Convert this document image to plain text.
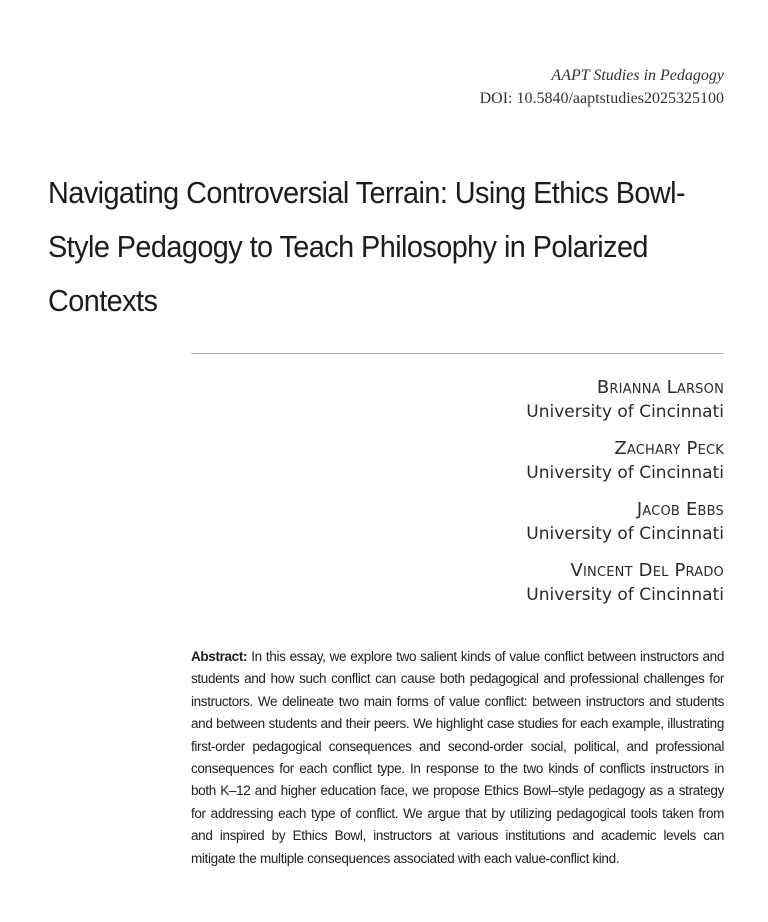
AAPT Studies in Pedagogy
DOI: 10.5840/aaptstudies2025325100
Navigating Controversial Terrain: Using Ethics Bowl-Style Pedagogy to Teach Philosophy in Polarized Contexts
Brianna Larson
University of Cincinnati
Zachary Peck
University of Cincinnati
Jacob Ebbs
University of Cincinnati
Vincent Del Prado
University of Cincinnati

Abstract: In this essay, we explore two salient kinds of value conflict between instructors and students and how such conflict can cause both pedagogical and professional challenges for instructors. We delineate two main forms of value conflict: between instructors and students and between students and their peers. We highlight case studies for each example, illustrating first-order pedagogical consequences and second-order social, political, and professional consequences for each conflict type. In response to the two kinds of conflicts instructors in both K–12 and higher education face, we propose Ethics Bowl–style pedagogy as a strategy for addressing each type of conflict. We argue that by utilizing pedagogical tools taken from and inspired by Ethics Bowl, instructors at various institutions and academic levels can mitigate the multiple consequences associated with each value-conflict kind.
